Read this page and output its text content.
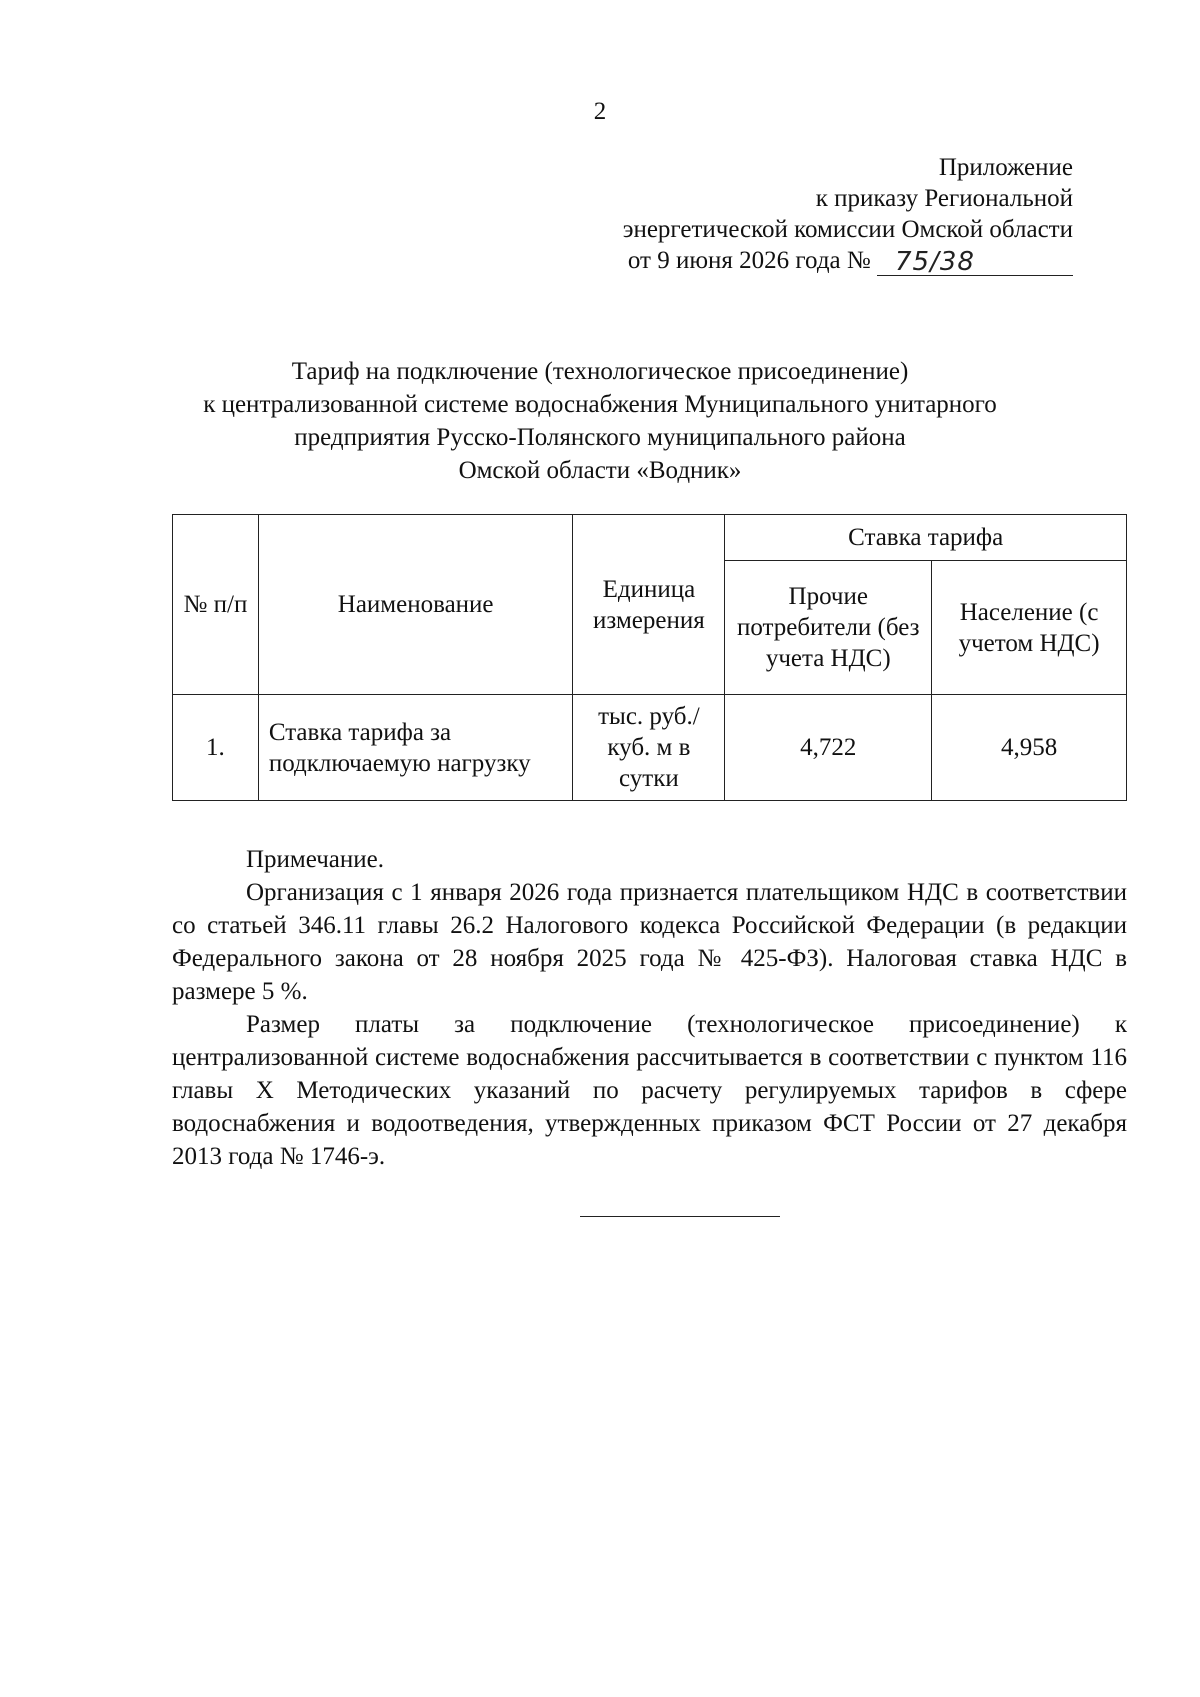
2
Приложение
к приказу Региональной
энергетической комиссии Омской области
от 9 июня 2026 года № 75/38
Тариф на подключение (технологическое присоединение)
к централизованной системе водоснабжения Муниципального унитарного
предприятия Русско-Полянского муниципального района
Омской области «Водник»
№ п/п	Наименование	Единица измерения	Ставка тарифа	
			Прочие потребители (без учета НДС)	Население (с учетом НДС)
1.	Ставка тарифа за подключаемую нагрузку	тыс. руб./куб. м в сутки	4,722	4,958

Примечание.

Организация с 1 января 2026 года признается плательщиком НДС в соответствии со статьей 346.11 главы 26.2 Налогового кодекса Российской Федерации (в редакции Федерального закона от 28 ноября 2025 года № 425-ФЗ). Налоговая ставка НДС в размере 5 %.

Размер платы за подключение (технологическое присоединение) к централизованной системе водоснабжения рассчитывается в соответствии с пунктом 116 главы X Методических указаний по расчету регулируемых тарифов в сфере водоснабжения и водоотведения, утвержденных приказом ФСТ России от 27 декабря 2013 года № 1746-э.
